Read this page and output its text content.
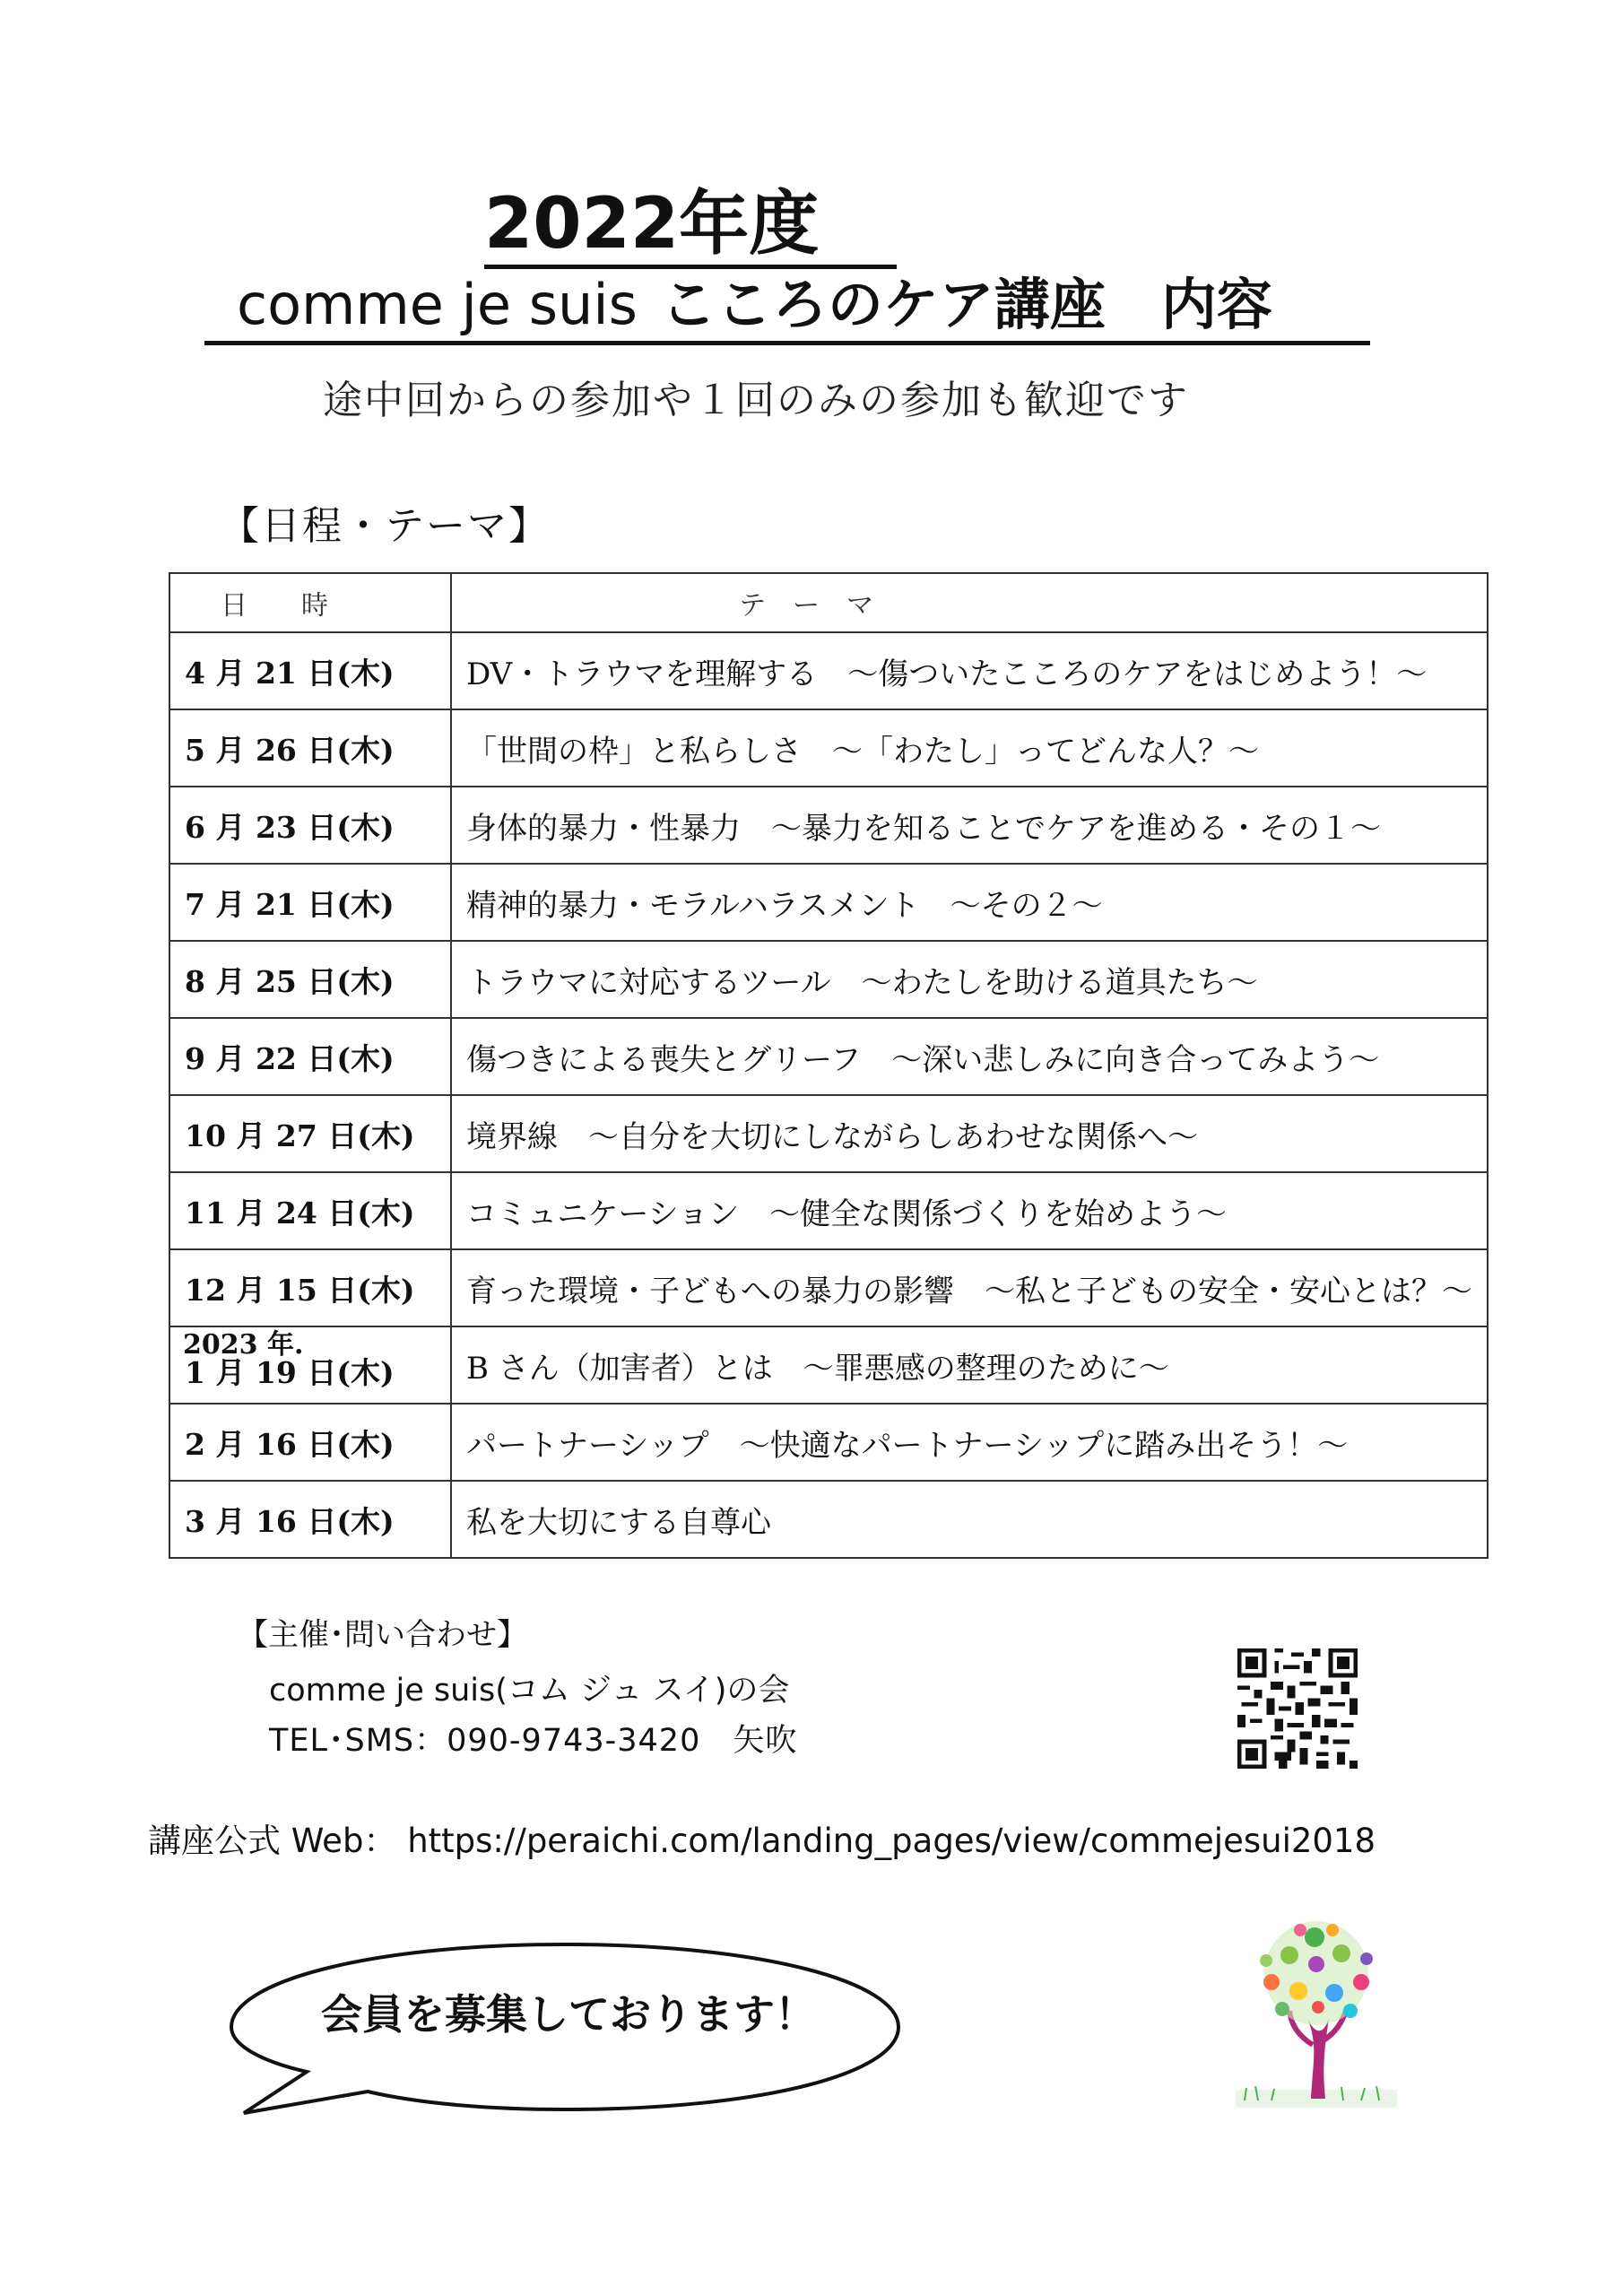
2022年度
comme je suis こころのケア講座　内容
途中回からの参加や１回のみの参加も歓迎です
【日程・テーマ】
日　　時	テ　ー　マ
4 月 21 日(木)	DV・トラウマを理解する　～傷ついたこころのケアをはじめよう！～
5 月 26 日(木)	「世間の枠」と私らしさ　～「わたし」ってどんな人？～
6 月 23 日(木)	身体的暴力・性暴力　～暴力を知ることでケアを進める・その１～
7 月 21 日(木)	精神的暴力・モラルハラスメント　～その２～
8 月 25 日(木)	トラウマに対応するツール　～わたしを助ける道具たち～
9 月 22 日(木)	傷つきによる喪失とグリーフ　～深い悲しみに向き合ってみよう～
10 月 27 日(木)	境界線　～自分を大切にしながらしあわせな関係へ～
11 月 24 日(木)	コミュニケーション　～健全な関係づくりを始めよう～
12 月 15 日(木)	育った環境・子どもへの暴力の影響　～私と子どもの安全・安心とは？～

2023 年.
1 月 19 日(木)	B さん（加害者）とは　～罪悪感の整理のために～
2 月 16 日(木)	パートナーシップ　～快適なパートナーシップに踏み出そう！～
3 月 16 日(木)	私を大切にする自尊心
【主催･問い合わせ】
comme je suis(コム ジュ スイ)の会
TEL･SMS：090-9743-3420　矢吹
講座公式 Web： https://peraichi.com/landing_pages/view/commejesui2018
会員を募集しております！
